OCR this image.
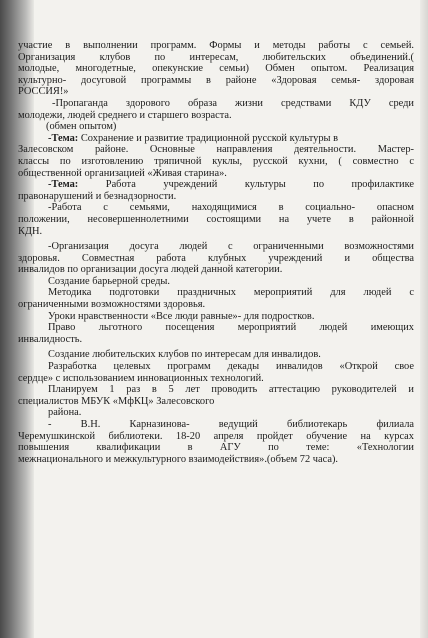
участие в выполнении программ. Формы и методы работы с семьей.
Организация клубов по интересам, любительских объединений.(
молодые, многодетные, опекунские семьи) Обмен опытом. Реализация
культурно- досуговой программы в районе «Здоровая семья- здоровая
РОССИЯ!»
-Пропаганда здорового образа жизни средствами КДУ среди
молодежи, людей среднего и старшего возраста.
(обмен опытом)
-Тема: Сохранение и развитие традиционной русской культуры в
Залесовском районе. Основные направления деятельности. Мастер-
классы по изготовлению тряпичной куклы, русской кухни, ( совместно с
общественной организацией «Живая старина».
-Тема: Работа учреждений культуры по профилактике
правонарушений и безнадзорности.
-Работа с семьями, находящимися в социально- опасном
положении, несовершеннолетними состоящими на учете в районной
КДН.
-Организация досуга людей с ограниченными возможностями
здоровья. Совместная работа клубных учреждений и общества
инвалидов по организации досуга людей данной категории.
Создание барьерной среды.
Методика подготовки праздничных мероприятий для людей с
ограниченными возможностями здоровья.
Уроки нравственности «Все люди равные»- для подростков.
Право льготного посещения мероприятий людей имеющих
инвалидность.
Создание любительских клубов по интересам для инвалидов.
Разработка целевых программ декады инвалидов «Открой свое
сердце» с использованием инновационных технологий.
Планируем 1 раз в 5 лет проводить аттестацию руководителей и
специалистов МБУК «МфКЦ» Залесовского
района.
- В.Н. Карназинова- ведущий библиотекарь филиала
Черемушкинской библиотеки. 18-20 апреля пройдет обучение на курсах
повышения квалификации в АГУ по теме: «Технологии
межнационального и межкультурного взаимодействия».(объем 72 часа).
